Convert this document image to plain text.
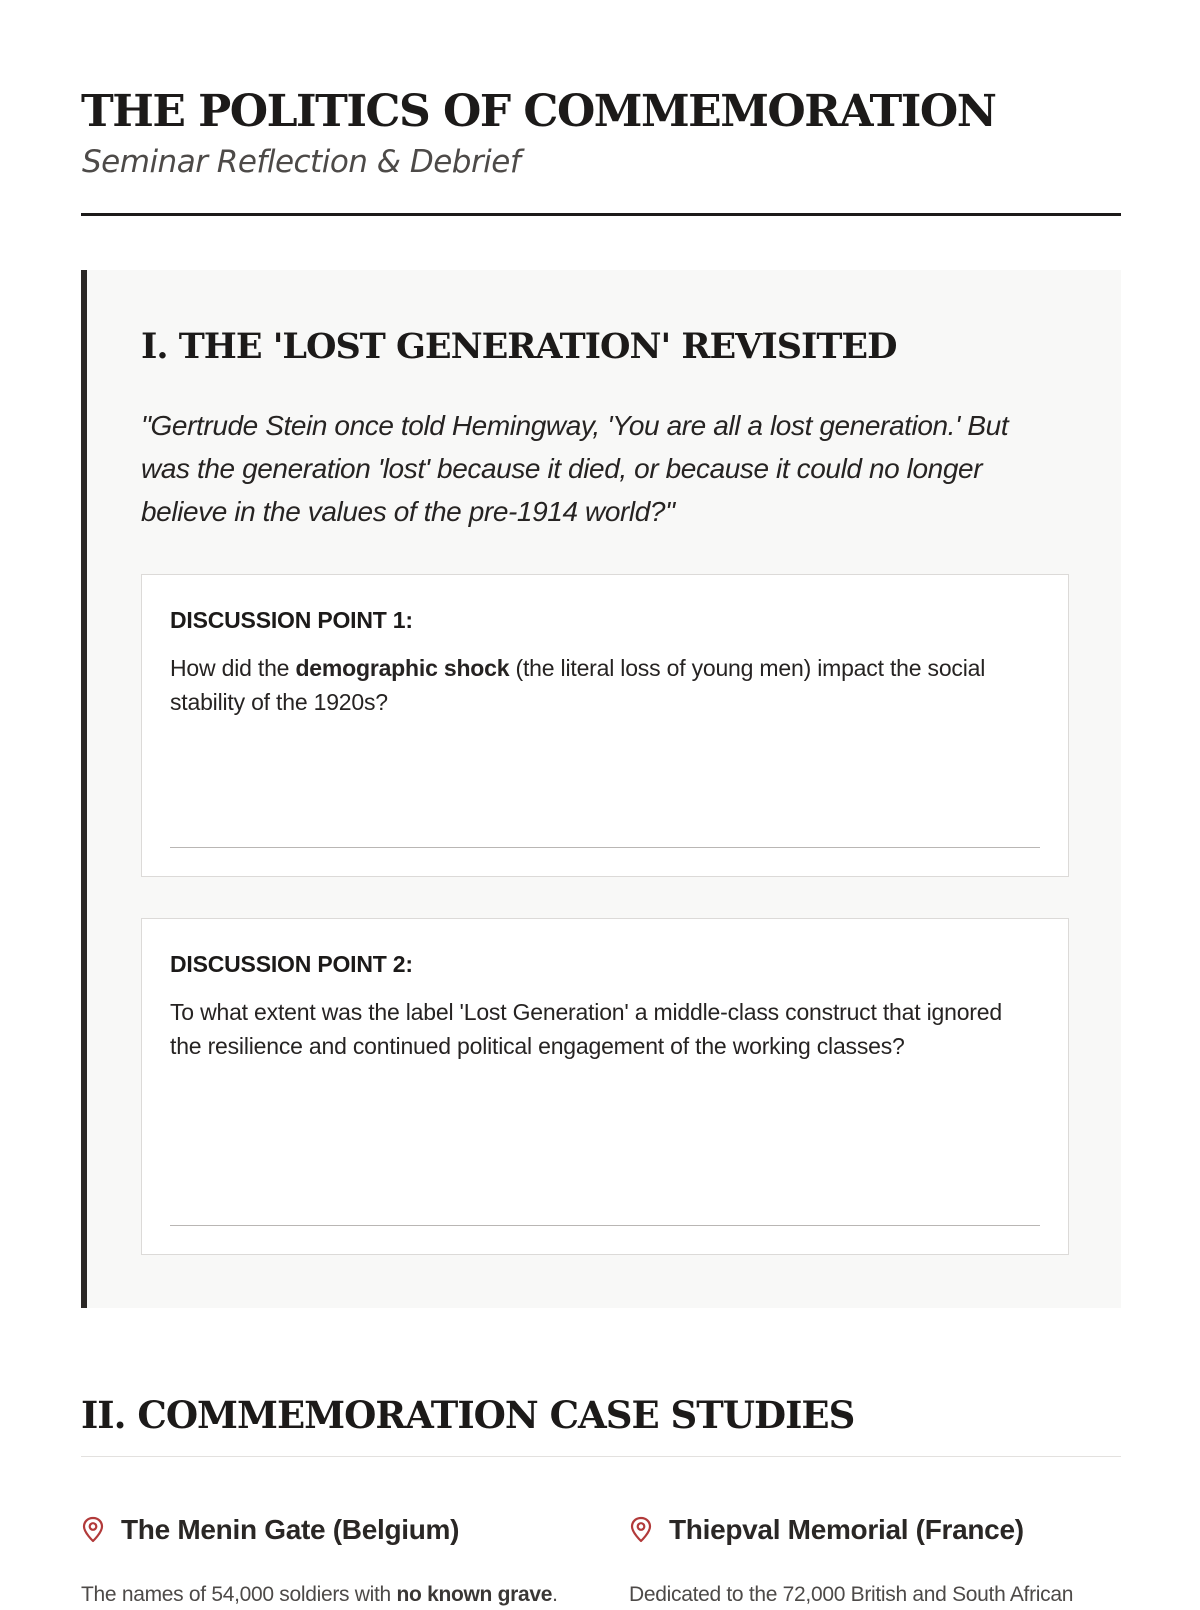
THE POLITICS OF COMMEMORATION
Seminar Reflection & Debrief
I. THE 'LOST GENERATION' REVISITED

"Gertrude Stein once told Hemingway, 'You are all a lost generation.' But was the generation 'lost' because it died, or because it could no longer believe in the values of the pre-1914 world?"

DISCUSSION POINT 1:

How did the demographic shock (the literal loss of young men) impact the social stability of the 1920s?

DISCUSSION POINT 2:

To what extent was the label 'Lost Generation' a middle-class construct that ignored the resilience and continued political engagement of the working classes?

II. COMMEMORATION CASE STUDIES
The Menin Gate (Belgium)

The names of 54,000 soldiers with no known grave.

Thiepval Memorial (France)

Dedicated to the 72,000 British and South African
